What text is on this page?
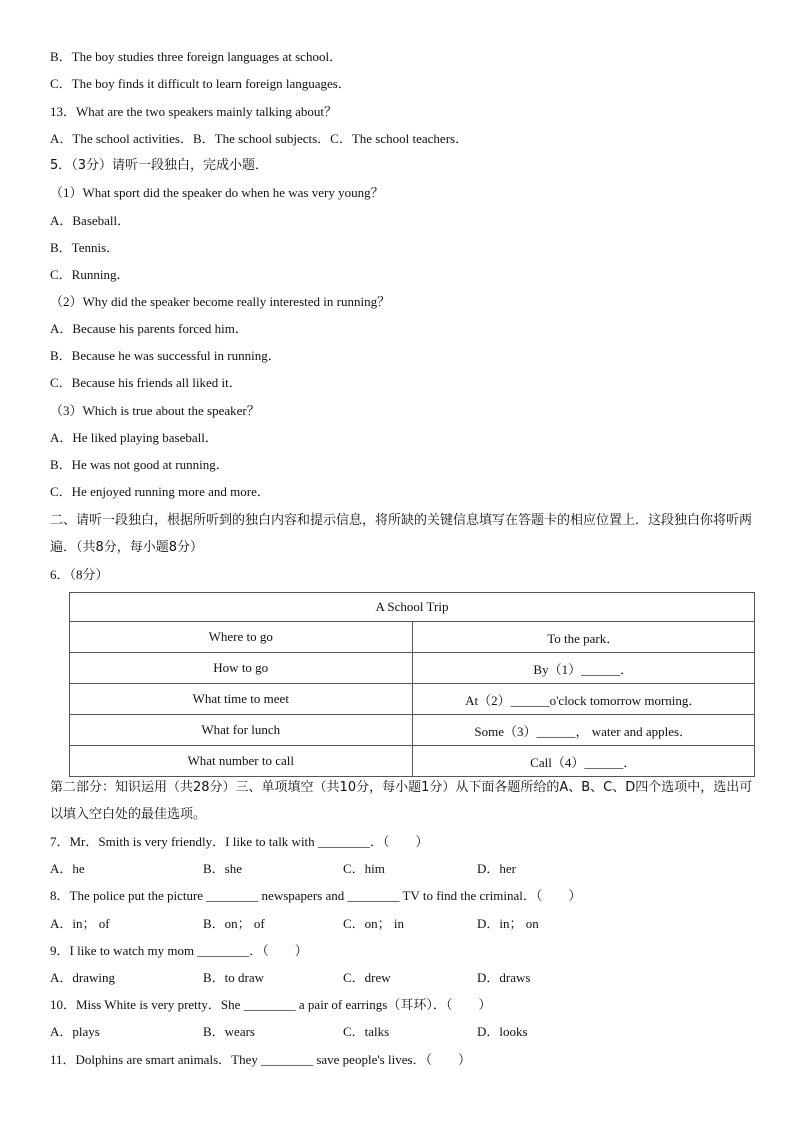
B．The boy studies three foreign languages at school．
C．The boy finds it difficult to learn foreign languages．
13．What are the two speakers mainly talking about？
A．The school activities．B．The school subjects．C．The school teachers．
5．（3分）请听一段独白，完成小题．
（1）What sport did the speaker do when he was very young？
A．Baseball．
B．Tennis．
C．Running．
（2）Why did the speaker become really interested in running？
A．Because his parents forced him．
B．Because he was successful in running．
C．Because his friends all liked it．
（3）Which is true about the speaker？
A．He liked playing baseball．
B．He was not good at running．
C．He enjoyed running more and more．
二、请听一段独白，根据所听到的独白内容和提示信息，将所缺的关键信息填写在答题卡的相应位置上．这段独白你将听两遍．（共8分，每小题8分）
6．（8分）
A School Trip	
Where to go	To the park．
How to go	By（1）______．
What time to meet	At（2）______o'clock tomorrow morning．
What for lunch	Some（3）______， water and apples．
What number to call	Call（4）______．
第二部分：知识运用（共28分）三、单项填空（共10分，每小题1分）从下面各题所给的A、B、C、D四个选项中，选出可以填入空白处的最佳选项。
7．Mr．Smith is very friendly．I like to talk with ________．（　　）
A．he	B．she	C．him	D．her
8．The police put the picture ________ newspapers and ________ TV to find the criminal．（　　）
A．in； of	B．on； of	C．on； in	D．in； on
9．I like to watch my mom ________．（　　）
A．drawing	B．to draw	C．drew	D．draws
10．Miss White is very pretty．She ________ a pair of earrings（耳环）．（　　）
A．plays	B．wears	C．talks	D．looks
11．Dolphins are smart animals．They ________ save people's lives．（　　）
